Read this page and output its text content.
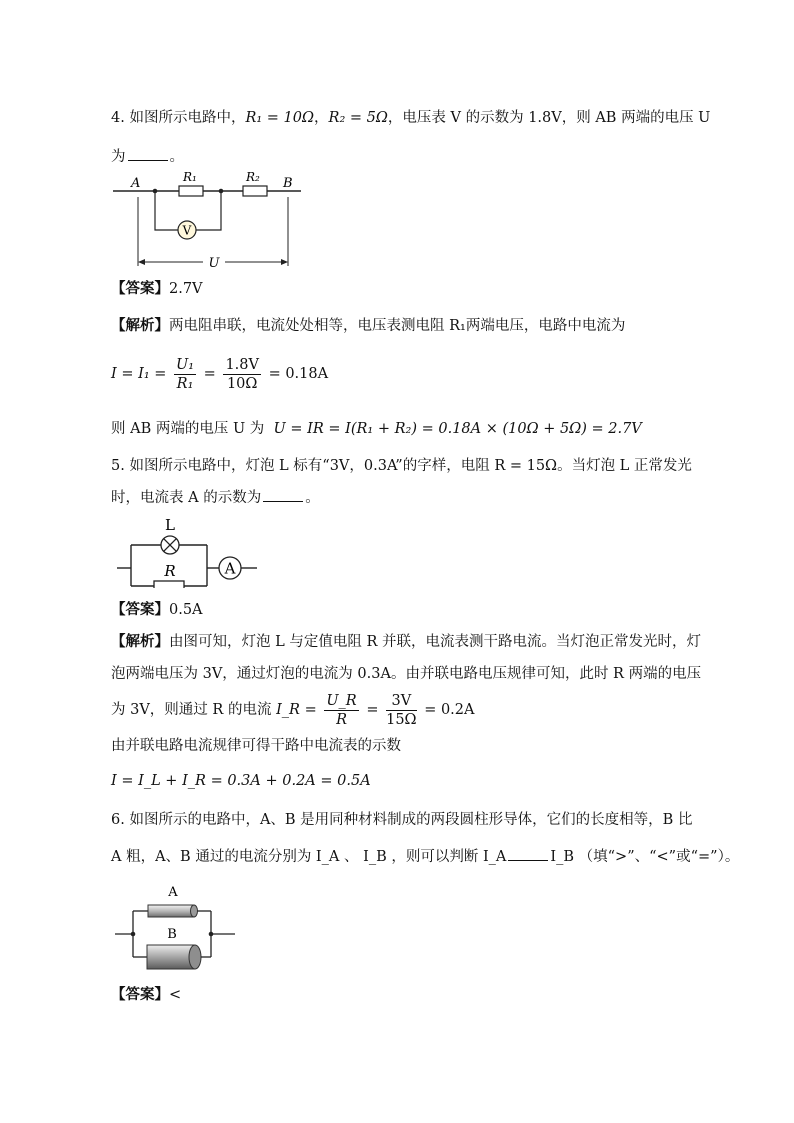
4. 如图所示电路中，R₁ = 10Ω，R₂ = 5Ω，电压表 V 的示数为 1.8V，则 AB 两端的电压 U
为	。
V
U
A	B
R₁	R₂
【答案】2.7V
【解析】两电阻串联，电流处处相等，电压表测电阻 R₁两端电压，电路中电流为
$I = I_1 = \frac{\text{U₁}}{\text{R₁}} = \frac{1.8V}{10\Omega} = 0.18A$
则 AB 两端的电压 U 为 U = IR = I(R₁ + R₂) = 0.18A × (10Ω + 5Ω) = 2.7V
5. 如图所示电路中，灯泡 L 标有“3V，0.3A”的字样，电阻 R = 15Ω。当灯泡 L 正常发光
时，电流表 A 的示数为	。
L
R	A
【答案】0.5A
【解析】由图可知，灯泡 L 与定值电阻 R 并联，电流表测干路电流。当灯泡正常发光时，灯
泡两端电压为 3V，通过灯泡的电流为 0.3A。由并联电路电压规律可知，此时 R 两端的电压
为 3V，则通过 R 的电流 I_R = $\frac{U\_R}{R} = \frac{3V}{15\Omega} = 0.2A$
由并联电路电流规律可得干路中电流表的示数
I = I_L + I_R = 0.3A + 0.2A = 0.5A
6. 如图所示的电路中，A、B 是用同种材料制成的两段圆柱形导体，它们的长度相等，B 比
A 粗，A、B 通过的电流分别为 I_A 、 I_B ，则可以判断 I_A	I_B （填“>”、“<”或“=”）。
A
B
【答案】<
